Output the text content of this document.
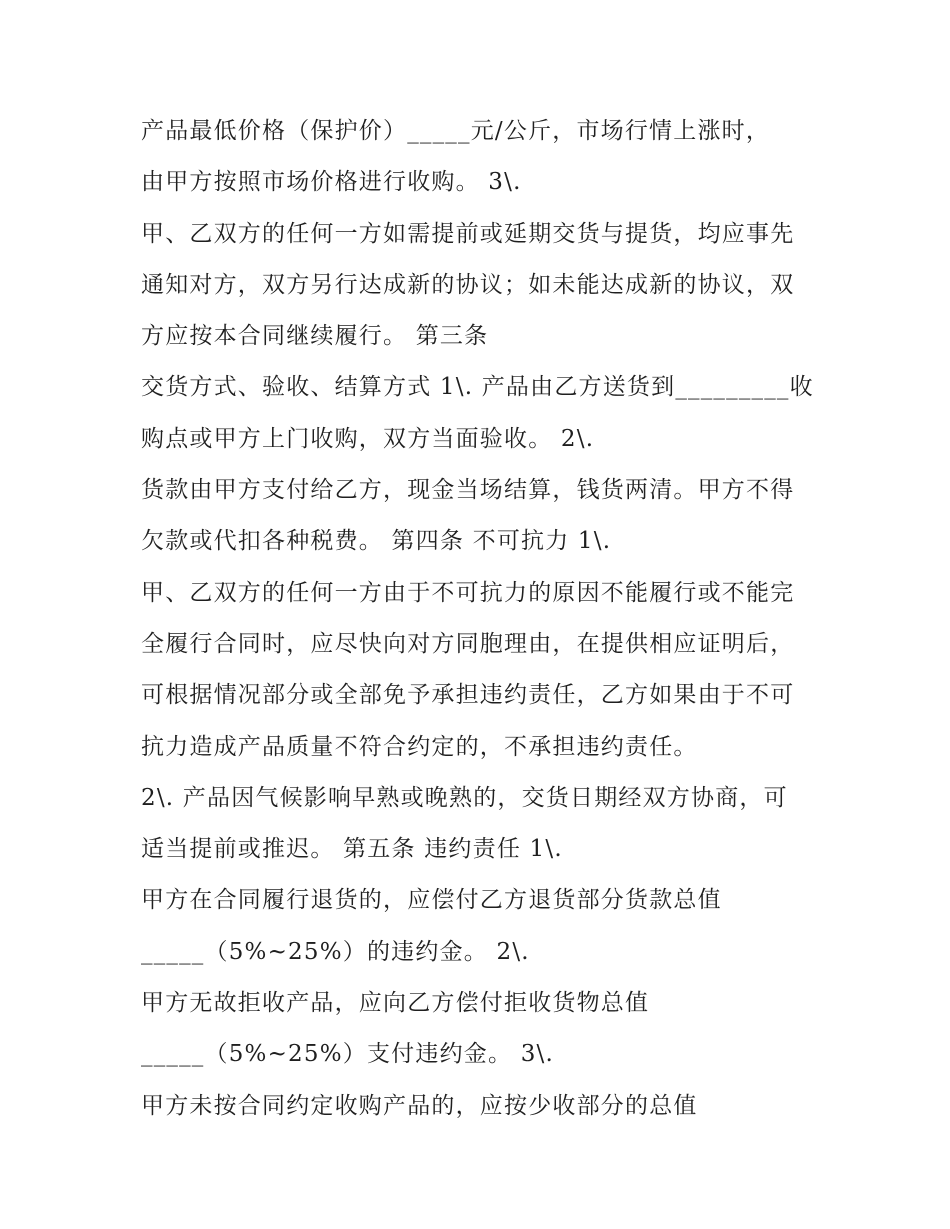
产品最低价格（保护价）_____元/公斤，市场行情上涨时，
由甲方按照市场价格进行收购。 3\.
甲、乙双方的任何一方如需提前或延期交货与提货，均应事先
通知对方，双方另行达成新的协议；如未能达成新的协议，双
方应按本合同继续履行。 第三条
交货方式、验收、结算方式 1\. 产品由乙方送货到_________收
购点或甲方上门收购，双方当面验收。 2\.
货款由甲方支付给乙方，现金当场结算，钱货两清。甲方不得
欠款或代扣各种税费。 第四条 不可抗力 1\.
甲、乙双方的任何一方由于不可抗力的原因不能履行或不能完
全履行合同时，应尽快向对方同胞理由，在提供相应证明后，
可根据情况部分或全部免予承担违约责任，乙方如果由于不可
抗力造成产品质量不符合约定的，不承担违约责任。
2\. 产品因气候影响早熟或晚熟的，交货日期经双方协商，可
适当提前或推迟。 第五条 违约责任 1\.
甲方在合同履行退货的，应偿付乙方退货部分货款总值
_____（5%~25%）的违约金。 2\.
甲方无故拒收产品，应向乙方偿付拒收货物总值
_____（5%~25%）支付违约金。 3\.
甲方未按合同约定收购产品的，应按少收部分的总值
